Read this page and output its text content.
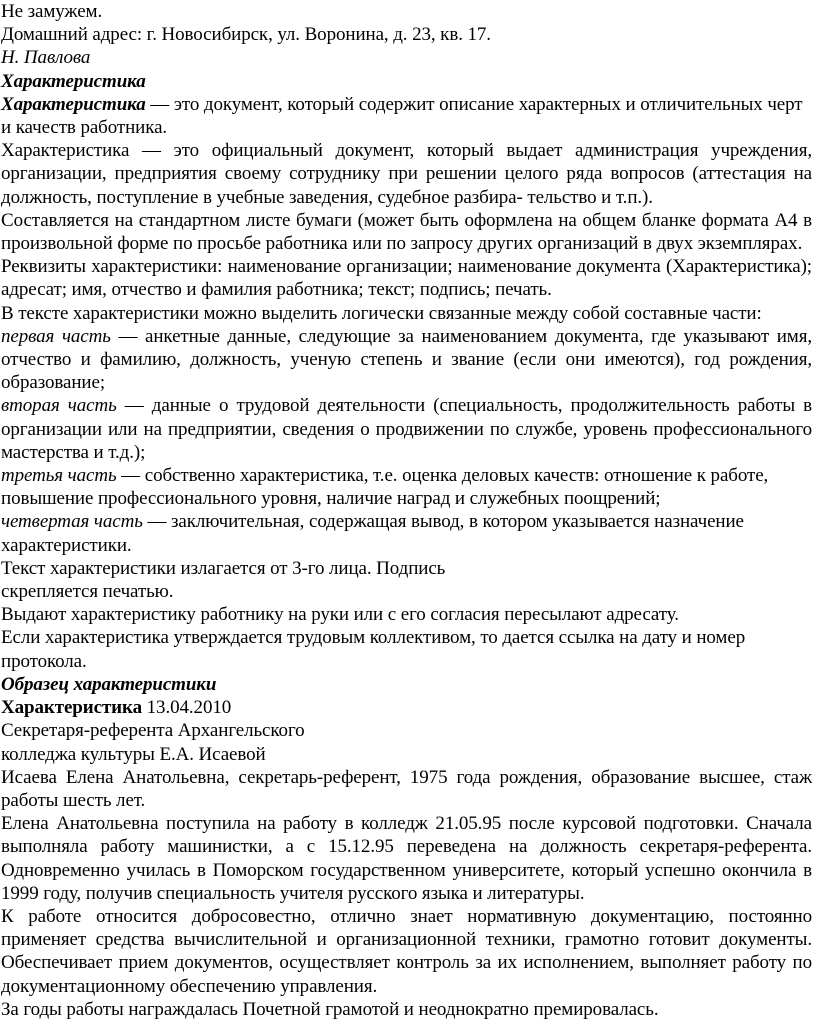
Не замужем.

Домашний адрес: г. Новосибирск, ул. Воронина, д. 23, кв. 17.

Н. Павлова

Характеристика

Характеристика — это документ, который содержит описание характерных и отличительных черт и качеств работника.

Характеристика — это официальный документ, который выдает администрация учреждения, организации, предприятия своему сотруднику при решении целого ряда вопросов (аттестация на должность, поступление в учебные заведения, судебное разбира- тельство и т.п.).

Составляется на стандартном листе бумаги (может быть оформлена на общем бланке формата А4 в произвольной форме по просьбе работника или по запросу других организаций в двух экземплярах.

Реквизиты характеристики: наименование организации; наименование документа (Характеристика); адресат; имя, отчество и фамилия работника; текст; подпись; печать.

В тексте характеристики можно выделить логически связанные между собой составные части:

первая часть — анкетные данные, следующие за наименованием документа, где указывают имя, отчество и фамилию, должность, ученую степень и звание (если они имеются), год рождения, образование;

вторая часть — данные о трудовой деятельности (специальность, продолжительность работы в организации или на предприятии, сведения о продвижении по службе, уровень профессионального мастерства и т.д.);

третья часть — собственно характеристика, т.е. оценка деловых качеств: отношение к работе, повышение профессионального уровня, наличие наград и служебных поощрений;

четвертая часть — заключительная, содержащая вывод, в котором указывается назначение характеристики.

Текст характеристики излагается от 3-го лица. Подпись

скрепляется печатью.

Выдают характеристику работнику на руки или с его согласия пересылают адресату.

Если характеристика утверждается трудовым коллективом, то дается ссылка на дату и номер протокола.

Образец характеристики

Характеристика 13.04.2010

Секретаря-референта Архангельского

колледжа культуры Е.А. Исаевой

Исаева Елена Анатольевна, секретарь-референт, 1975 года рождения, образование высшее, стаж работы шесть лет.

Елена Анатольевна поступила на работу в колледж 21.05.95 после курсовой подготовки. Сначала выполняла работу машинистки, а с 15.12.95 переведена на должность секретаря-референта. Одновременно училась в Поморском государственном университете, который успешно окончила в 1999 году, получив специальность учителя русского языка и литературы.

К работе относится добросовестно, отлично знает нормативную документацию, постоянно применяет средства вычислительной и организационной техники, грамотно готовит документы. Обеспечивает прием документов, осуществляет контроль за их исполнением, выполняет работу по документационному обеспечению управления.

За годы работы награждалась Почетной грамотой и неоднократно премировалась.
